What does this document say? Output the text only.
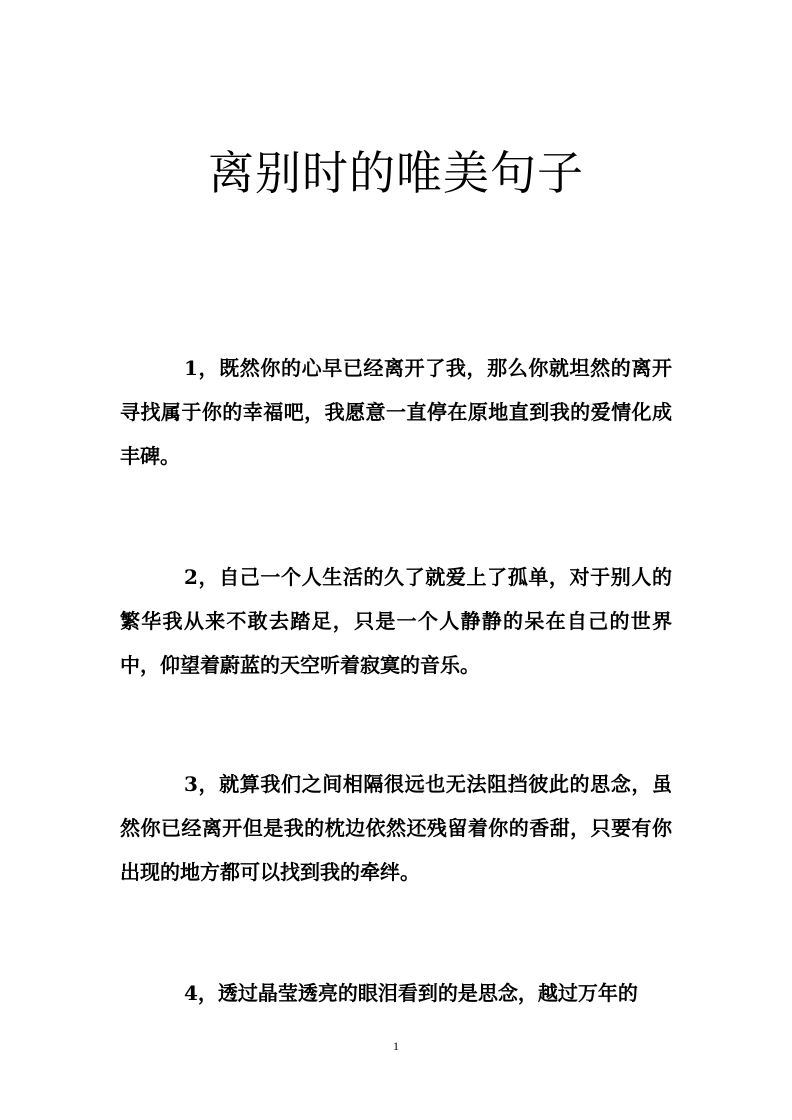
离别时的唯美句子

1，既然你的心早已经离开了我，那么你就坦然的离开寻找属于你的幸福吧，我愿意一直停在原地直到我的爱情化成丰碑。

2，自己一个人生活的久了就爱上了孤单，对于别人的繁华我从来不敢去踏足，只是一个人静静的呆在自己的世界中，仰望着蔚蓝的天空听着寂寞的音乐。

3，就算我们之间相隔很远也无法阻挡彼此的思念，虽然你已经离开但是我的枕边依然还残留着你的香甜，只要有你出现的地方都可以找到我的牵绊。

4，透过晶莹透亮的眼泪看到的是思念，越过万年的

1
